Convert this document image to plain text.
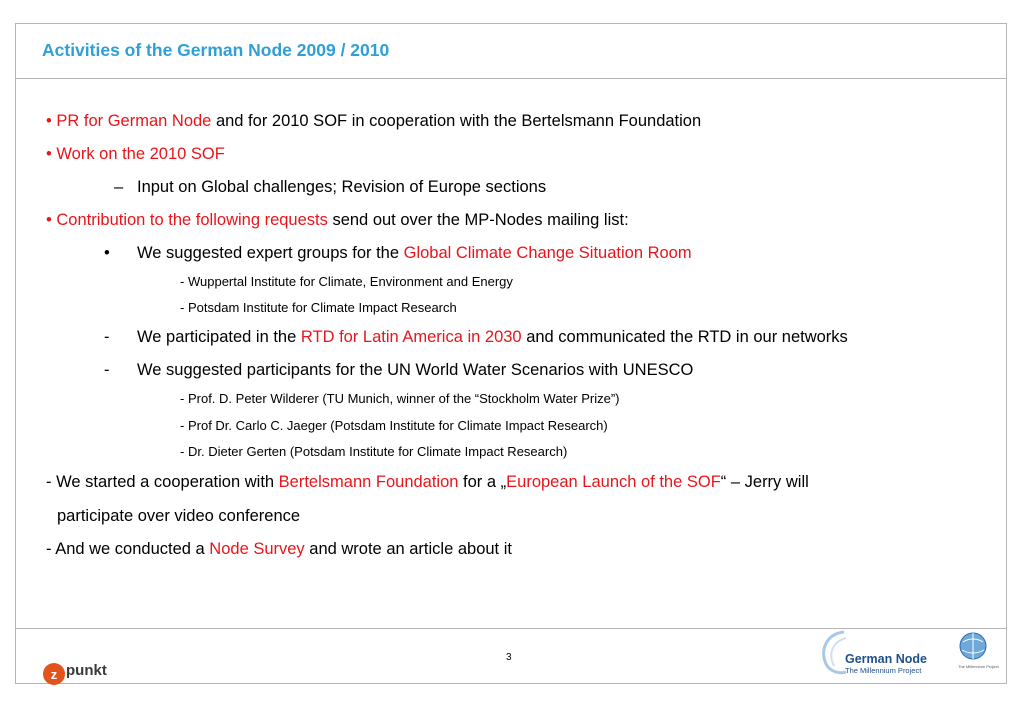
Activities of the German Node 2009 / 2010
• PR for German Node and for 2010 SOF in cooperation with the Bertelsmann Foundation
• Work on the 2010 SOF
– Input on Global challenges; Revision of Europe sections
• Contribution to the following requests send out over the MP-Nodes mailing list:
• We suggested expert groups for the Global Climate Change Situation Room
- Wuppertal Institute for Climate, Environment and Energy
- Potsdam Institute for Climate Impact Research
- We participated in the RTD for Latin America in 2030 and communicated the RTD in our networks
- We suggested participants for the UN World Water Scenarios with UNESCO
- Prof. D. Peter Wilderer (TU Munich, winner of the “Stockholm Water Prize”)
- Prof Dr. Carlo C. Jaeger (Potsdam Institute for Climate Impact Research)
- Dr. Dieter Gerten (Potsdam Institute for Climate Impact Research)
- We started a cooperation with Bertelsmann Foundation for a „European Launch of the SOF“ – Jerry will
participate over video conference
- And we conducted a Node Survey and wrote an article about it
3
z punkt
German Node
The Millennium Project	The Millennium Project
